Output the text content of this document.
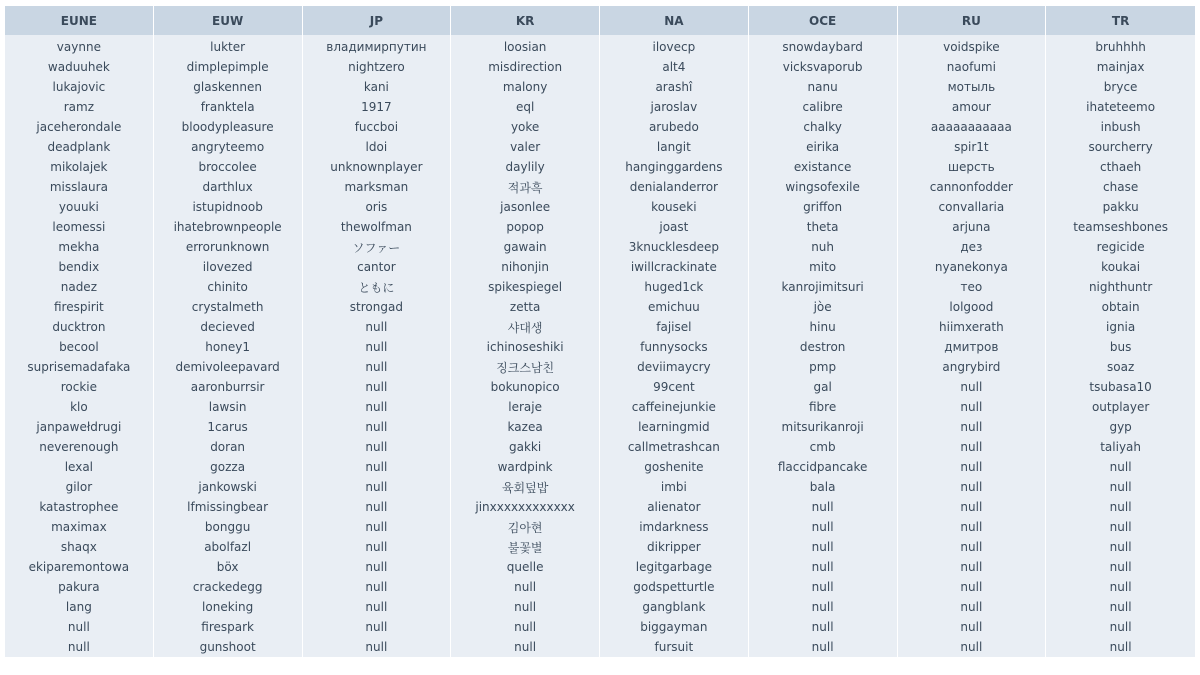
EUNE	EUW	JP	KR	NA	OCE	RU	TR
vaynne	lukter	владимирпутин	loosian	ilovecp	snowdaybard	voidspike	bruhhhh
waduuhek	dimplepimple	nightzero	misdirection	alt4	vicksvaporub	naofumi	mainjax
lukajovic	glaskennen	kani	malony	arashî	nanu	мотыль	bryce
ramz	franktela	1917	eql	jaroslav	calibre	amour	ihateteemo
jaceherondale	bloodypleasure	fuccboi	yoke	arubedo	chalky	ааааааааааа	inbush
deadplank	angryteemo	ldoi	valer	langit	eirika	spir1t	sourcherry
mikolajek	broccolee	unknownplayer	daylily	hanginggardens	existance	шерсть	cthaeh
misslaura	darthlux	marksman	적과흑	denialanderror	wingsofexile	cannonfodder	chase
youuki	istupidnoob	oris	jasonlee	kouseki	griffon	convallaria	pakku
leomessi	ihatebrownpeople	thewolfman	popop	joast	theta	arjuna	teamseshbones
mekha	errorunknown	ソファー	gawain	3knucklesdeep	nuh	дез	regicide
bendix	ilovezed	cantor	nihonjin	iwillcrackinate	mito	nyanekonya	koukai
nadez	chinito	ともに	spikespiegel	huged1ck	kanrojimitsuri	тео	nighthuntr
firespirit	crystalmeth	strongad	zetta	emichuu	jòe	lolgood	obtain
ducktron	decieved	null	샤대생	fajisel	hinu	hiimxerath	ignia
becool	honey1	null	ichinoseshiki	funnysocks	destron	дмитров	bus
suprisemadafaka	demivoleepavard	null	징크스남친	deviimaycry	pmp	angrybird	soaz
rockie	aaronburrsir	null	bokunopico	99cent	gal	null	tsubasa10
klo	lawsin	null	leraje	caffeinejunkie	fibre	null	outplayer
janpawełdrugi	1carus	null	kazea	learningmid	mitsurikanroji	null	gyp
neverenough	doran	null	gakki	callmetrashcan	cmb	null	taliyah
lexal	gozza	null	wardpink	goshenite	flaccidpancake	null	null
gilor	jankowski	null	육회덮밥	imbi	bala	null	null
katastrophee	lfmissingbear	null	jinxxxxxxxxxxxx	alienator	null	null	null
maximax	bonggu	null	김아현	imdarkness	null	null	null
shaqx	abolfazl	null	불꽃별	dikripper	null	null	null
ekiparemontowa	böx	null	quelle	legitgarbage	null	null	null
pakura	crackedegg	null	null	godspetturtle	null	null	null
lang	loneking	null	null	gangblank	null	null	null
null	firespark	null	null	biggayman	null	null	null
null	gunshoot	null	null	fursuit	null	null	null
